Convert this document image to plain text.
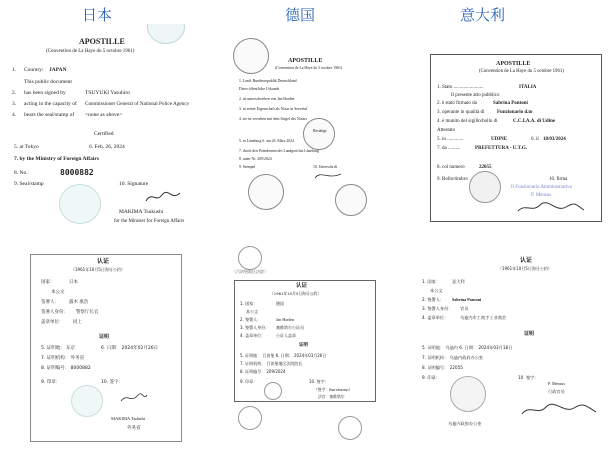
日本	德国	意大利
APOSTILLE
(Convention de La Haye du 5 octobre 1961)
1. Country: JAPAN
This public document
2. has been signed by	TSUYUKI Yasuhiro
3. acting in the capacity of Commissioner General of National Police Agency
4. bears the seal/stamp of <none as above>
Certified
5. at Tokyo	6. Feb. 26, 2024
7. by the Ministry of Foreign Affairs
8. No.	8000882
9. Seal/stamp	10. Signature
MAKIMA Tsukushi
for the Minister for Foreign Affairs
APOSTILLE
(Convention de La Haye du 5 octobre 1961)
1. Land: Bundesrepublik Deutschland
Diese öffentliche Urkunde
2. ist unterschrieben von Jan Harden
3. in seiner Eigenschaft als Notar in Seevetal
4. sie ist versehen mit dem Siegel des Notars
Bestätigt
5. in Lüneburg 6. am 26. März 2024
7. durch den Präsidenten des Landgerichts Lüneburg
8. unter Nr. 209/2024
9. Stempel	10. Unterschrift
APOSTILLE
(Convention de La Haye du 5 octobre 1961)
1. Stato ........................	ITALIA
Il presente atto pubblico
2. è stato firmato da	Sabrina Pontoni
3. operante in qualità di	Funzionario d.to
4. è munito del sigillo/bollo di	C.C.I.A.A. di Udine
Attestato
5. in .............	UDINE	6. il 18/03/2024
7. da ..........	PREFETTURA - U.T.G.
8. col numero	22055
9. Bollo/timbro	10. firma
Il Funzionario Amministrativo
P. Mensus
认证
（1961年10月5日海牙公约）
国家：	日本
本公文
签署人： 露木 康浩
签署人身份： 警察厅长官
盖章单位： 同上
证明
5. 证明地： 东京	6. 日期： 2024年02月26日
7. 证明机构： 外务省
8. 证明编号： 8000882
9. 印章：	10. 签字：
MAKIMA Tadashi
外务省
（吕讷堡地区法院）
认证
（1961年10月5日海牙公约）
1. 国家：	德国
本公文
2. 签署人：	Jan Harden
3. 签署人身份： 塞维塔尔公证员
4. 盖章单位：	公证人盖章
证明
5. 证明地： 吕讷堡 6. 日期： 2024年03月26日
7. 证明机构： 吕讷堡地区法院院长
8. 证明编号： 209/2024
9. 印章：	10. 签字：
（签字：Bornkamp）
法官：塞维塔尔
认证
（1961年10月5日海牙公约）
1. 国家：	意大利
本公文
2. 签署人： Sabrina Pontoni
3. 签署人身份： 官员
4. 盖章单位：	乌迪内市工商手工业商会
证明
5. 证明地： 乌迪内 6. 日期： 2024年03月18日
7. 证明机构： 乌迪内政府办公室
8. 证明编号： 22055
9. 印章：	10. 签字：
P. Mensus
行政官员
乌迪内政府办公室
